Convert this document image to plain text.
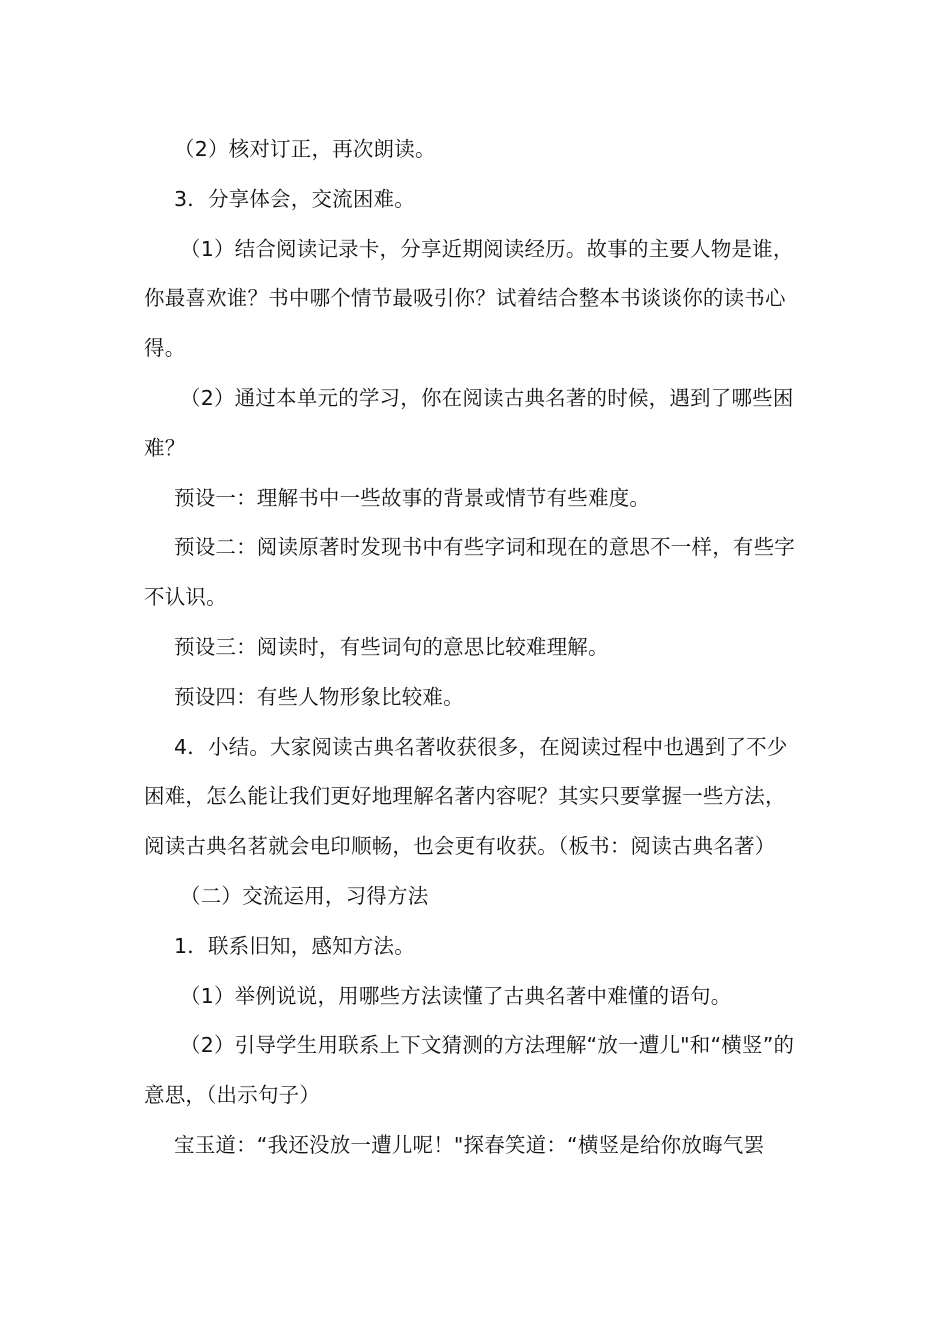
（2）核对订正，再次朗读。

3．分享体会，交流困难。

（1）结合阅读记录卡，分享近期阅读经历。故事的主要人物是谁，你最喜欢谁？书中哪个情节最吸引你？试着结合整本书谈谈你的读书心得。

（2）通过本单元的学习，你在阅读古典名著的时候，遇到了哪些困难？

预设一：理解书中一些故事的背景或情节有些难度。

预设二：阅读原著时发现书中有些字词和现在的意思不一样，有些字不认识。

预设三：阅读时，有些词句的意思比较难理解。

预设四：有些人物形象比较难。

4．小结。大家阅读古典名著收获很多，在阅读过程中也遇到了不少困难，怎么能让我们更好地理解名著内容呢？其实只要掌握一些方法，阅读古典名茗就会电印顺畅，也会更有收获。（板书：阅读古典名著）

（二）交流运用，习得方法

1．联系旧知，感知方法。

（1）举例说说，用哪些方法读懂了古典名著中难懂的语句。

（2）引导学生用联系上下文猜测的方法理解“放一遭儿"和“横竖”的意思，（出示句子）

宝玉道：“我还没放一遭儿呢！"探春笑道：“横竖是给你放晦气罢
